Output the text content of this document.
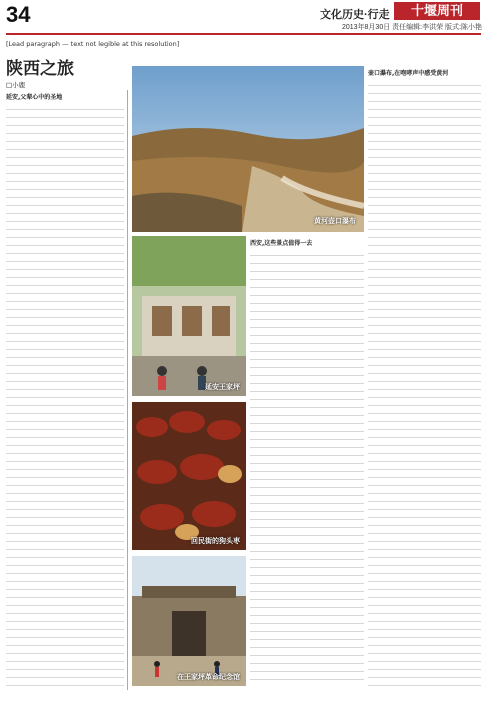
34	文化历史·行走	十堰周刊
2013年8月30日 责任编辑:李洪荣 版式:陈小艳
[Lead paragraph — text not legible at this resolution]
陕西之旅
□小鹿
延安,父辈心中的圣地
壶口瀑布,在咆哮声中感受黄河
西安,这些景点值得一去
黄河壶口瀑布
延安王家坪
回民街的狗头枣
在王家坪革命纪念馆
